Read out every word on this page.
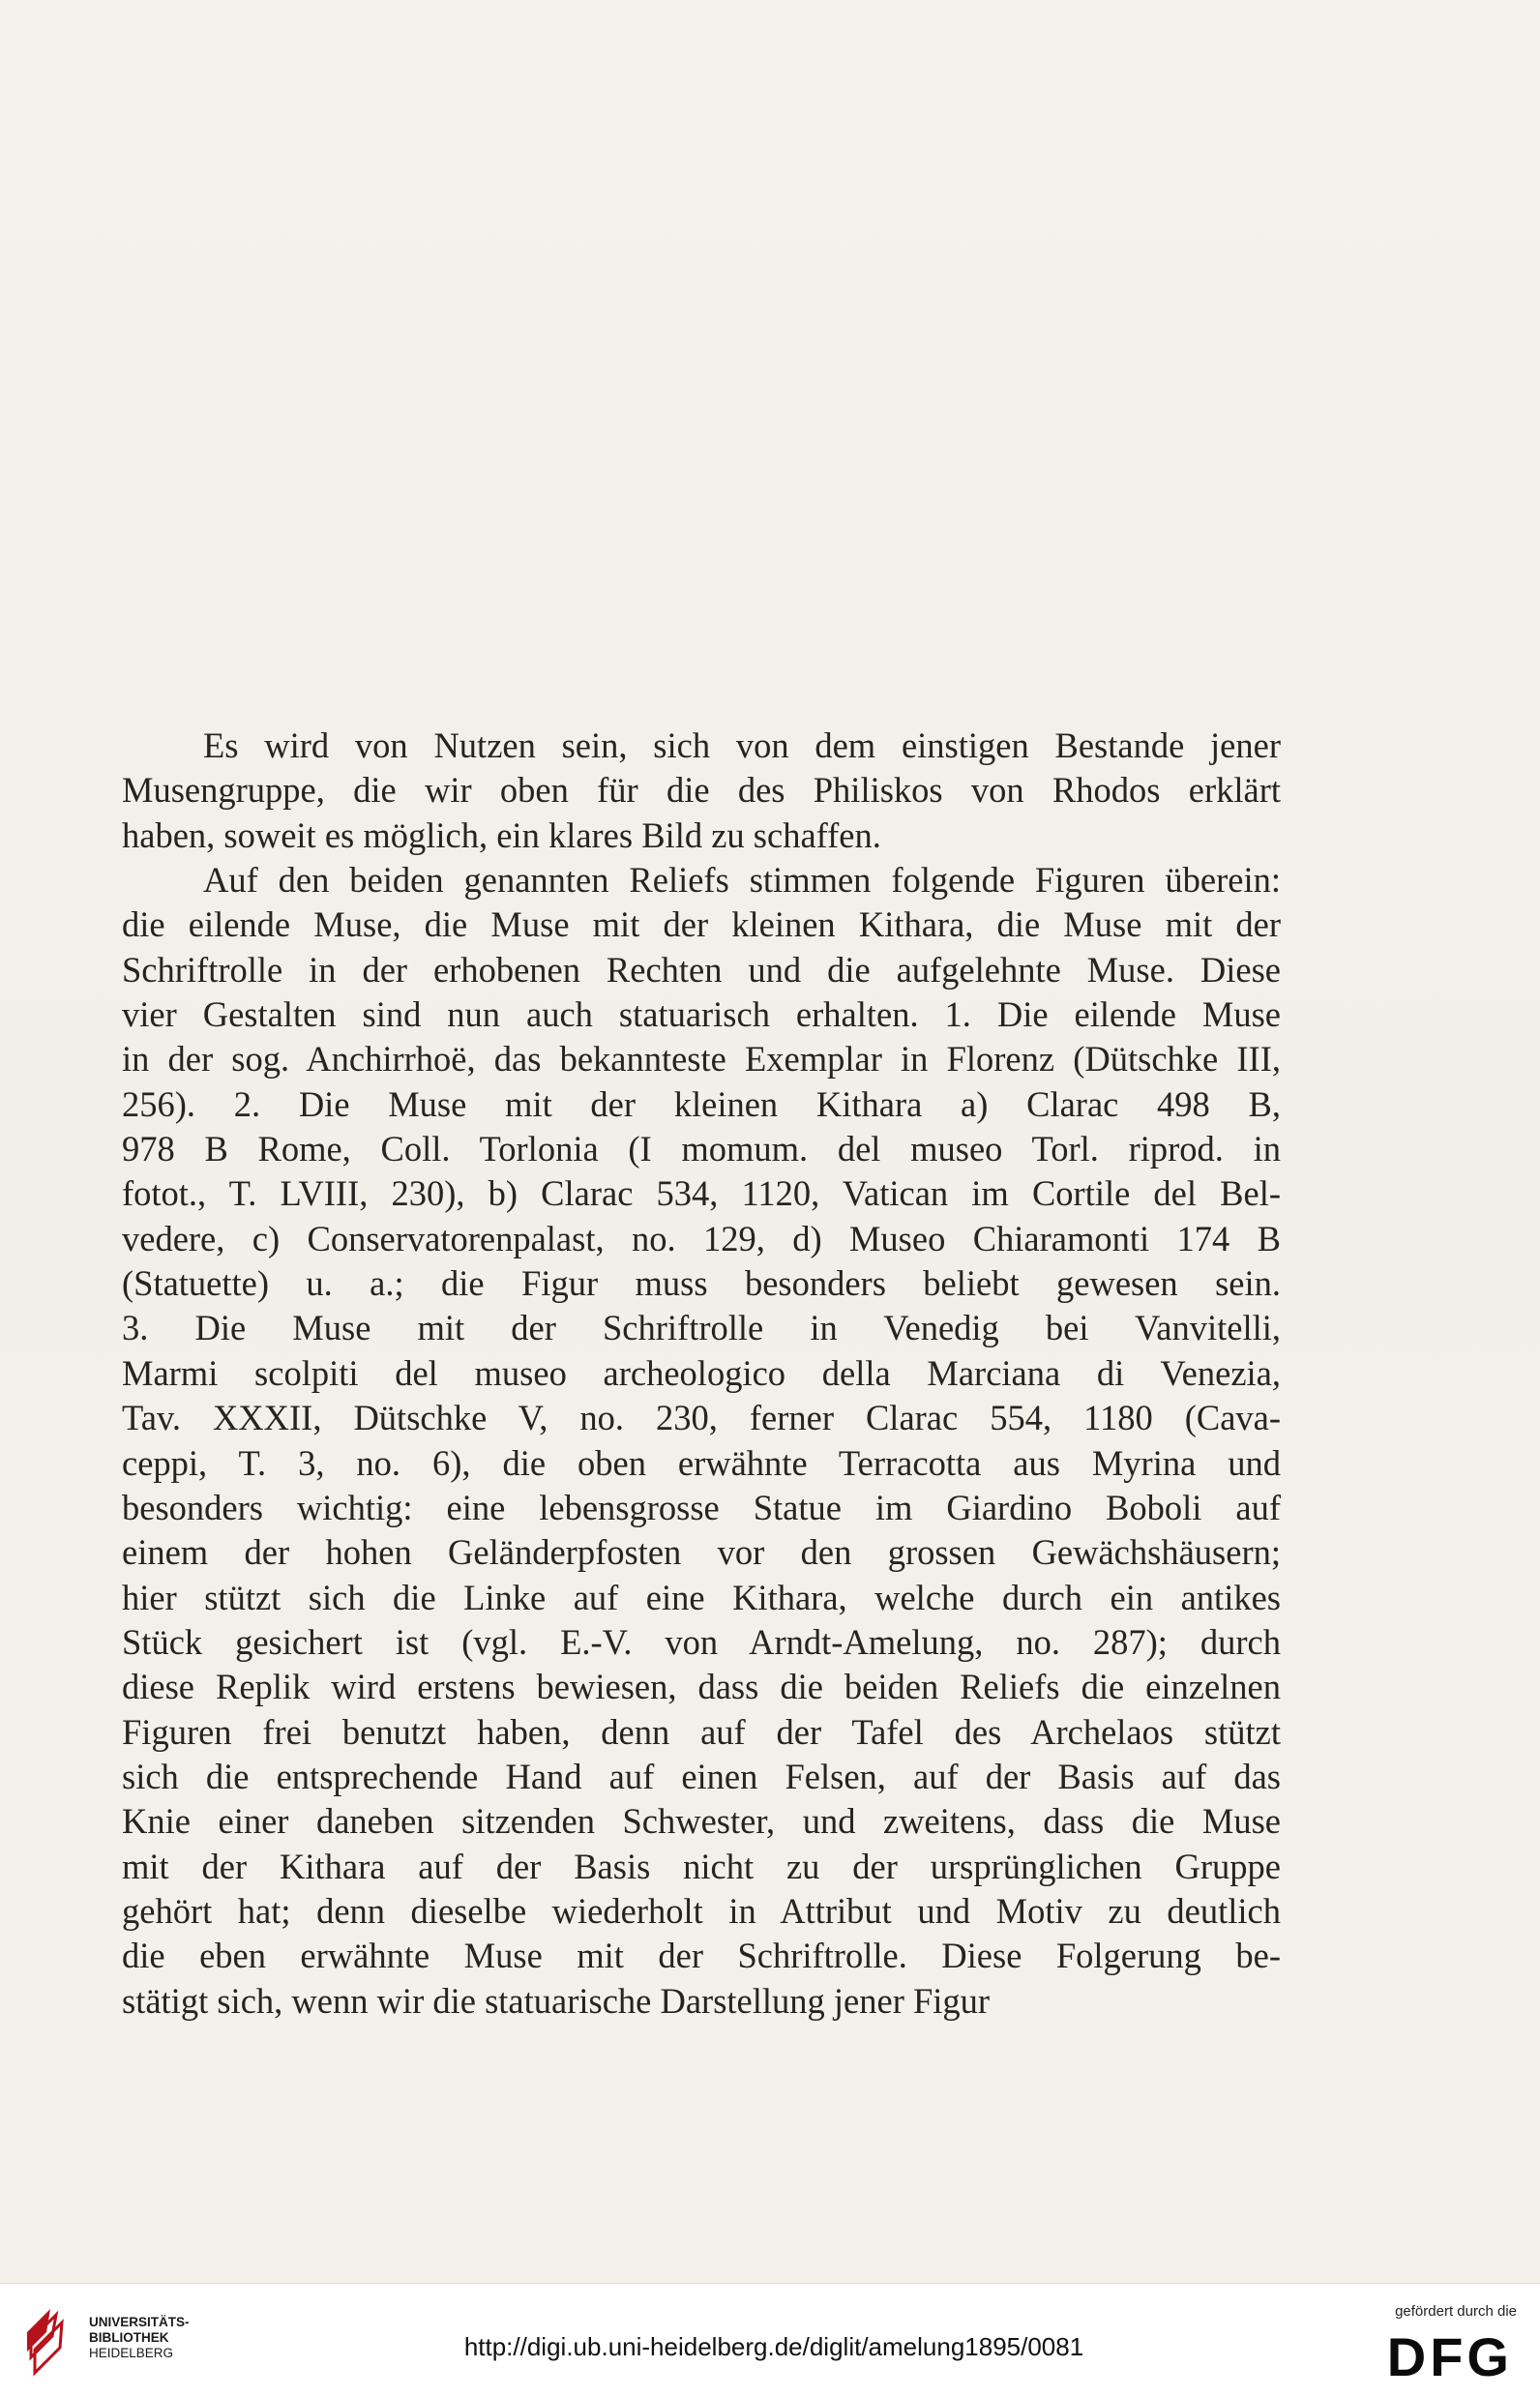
Es wird von Nutzen sein, sich von dem einstigen Bestande jener
Musengruppe, die wir oben für die des Philiskos von Rhodos erklärt
haben, soweit es möglich, ein klares Bild zu schaffen.

Auf den beiden genannten Reliefs stimmen folgende Figuren überein:
die eilende Muse, die Muse mit der kleinen Kithara, die Muse mit der
Schriftrolle in der erhobenen Rechten und die aufgelehnte Muse. Diese
vier Gestalten sind nun auch statuarisch erhalten. 1. Die eilende Muse
in der sog. Anchirrhoë, das bekannteste Exemplar in Florenz (Dütschke III,
256). 2. Die Muse mit der kleinen Kithara a) Clarac 498 B,
978 B Rome, Coll. Torlonia (I momum. del museo Torl. riprod. in
fotot., T. LVIII, 230), b) Clarac 534, 1120, Vatican im Cortile del Bel-
vedere, c) Conservatorenpalast, no. 129, d) Museo Chiaramonti 174 B
(Statuette) u. a.; die Figur muss besonders beliebt gewesen sein.
3. Die Muse mit der Schriftrolle in Venedig bei Vanvitelli,
Marmi scolpiti del museo archeologico della Marciana di Venezia,
Tav. XXXII, Dütschke V, no. 230, ferner Clarac 554, 1180 (Cava-
ceppi, T. 3, no. 6), die oben erwähnte Terracotta aus Myrina und
besonders wichtig: eine lebensgrosse Statue im Giardino Boboli auf
einem der hohen Geländerpfosten vor den grossen Gewächshäusern;
hier stützt sich die Linke auf eine Kithara, welche durch ein antikes
Stück gesichert ist (vgl. E.-V. von Arndt-Amelung, no. 287); durch
diese Replik wird erstens bewiesen, dass die beiden Reliefs die einzelnen
Figuren frei benutzt haben, denn auf der Tafel des Archelaos stützt
sich die entsprechende Hand auf einen Felsen, auf der Basis auf das
Knie einer daneben sitzenden Schwester, und zweitens, dass die Muse
mit der Kithara auf der Basis nicht zu der ursprünglichen Gruppe
gehört hat; denn dieselbe wiederholt in Attribut und Motiv zu deutlich
die eben erwähnte Muse mit der Schriftrolle. Diese Folgerung be-
stätigt sich, wenn wir die statuarische Darstellung jener Figur

UNIVERSITÄTS-
BIBLIOTHEK
HEIDELBERG	http://digi.ub.uni-heidelberg.de/diglit/amelung1895/0081
gefördert durch die
DFG
